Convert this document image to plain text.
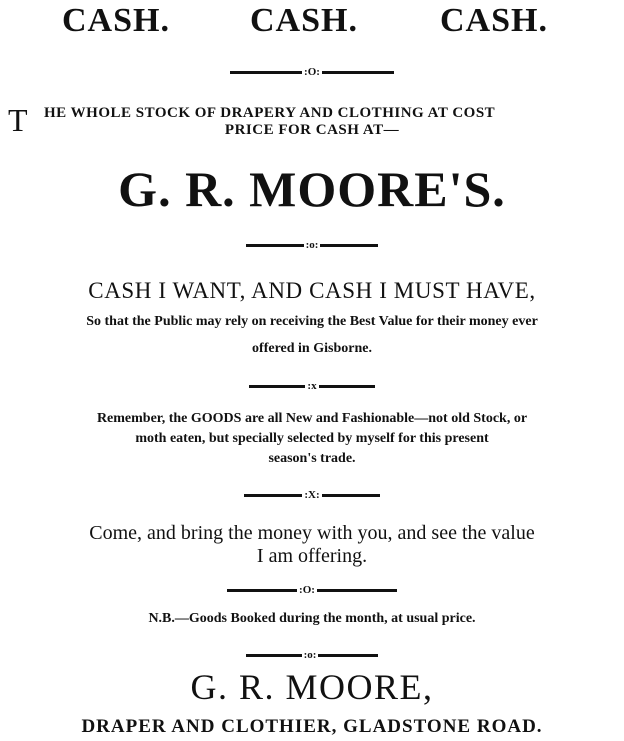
CASH. CASH. CASH.
:O:
T	HE WHOLE STOCK OF DRAPERY AND CLOTHING AT COST
PRICE FOR CASH AT—
G. R. MOORE'S.
:o:
CASH I WANT, AND CASH I MUST HAVE,
So that the Public may rely on receiving the Best Value for their money ever
offered in Gisborne.
:x
Remember, the GOODS are all New and Fashionable—not old Stock, or
moth eaten, but specially selected by myself for this present
season's trade.
:X:
Come, and bring the money with you, and see the value
I am offering.
:O:
N.B.—Goods Booked during the month, at usual price.
:o:
G. R. MOORE,
DRAPER AND CLOTHIER, GLADSTONE ROAD.
